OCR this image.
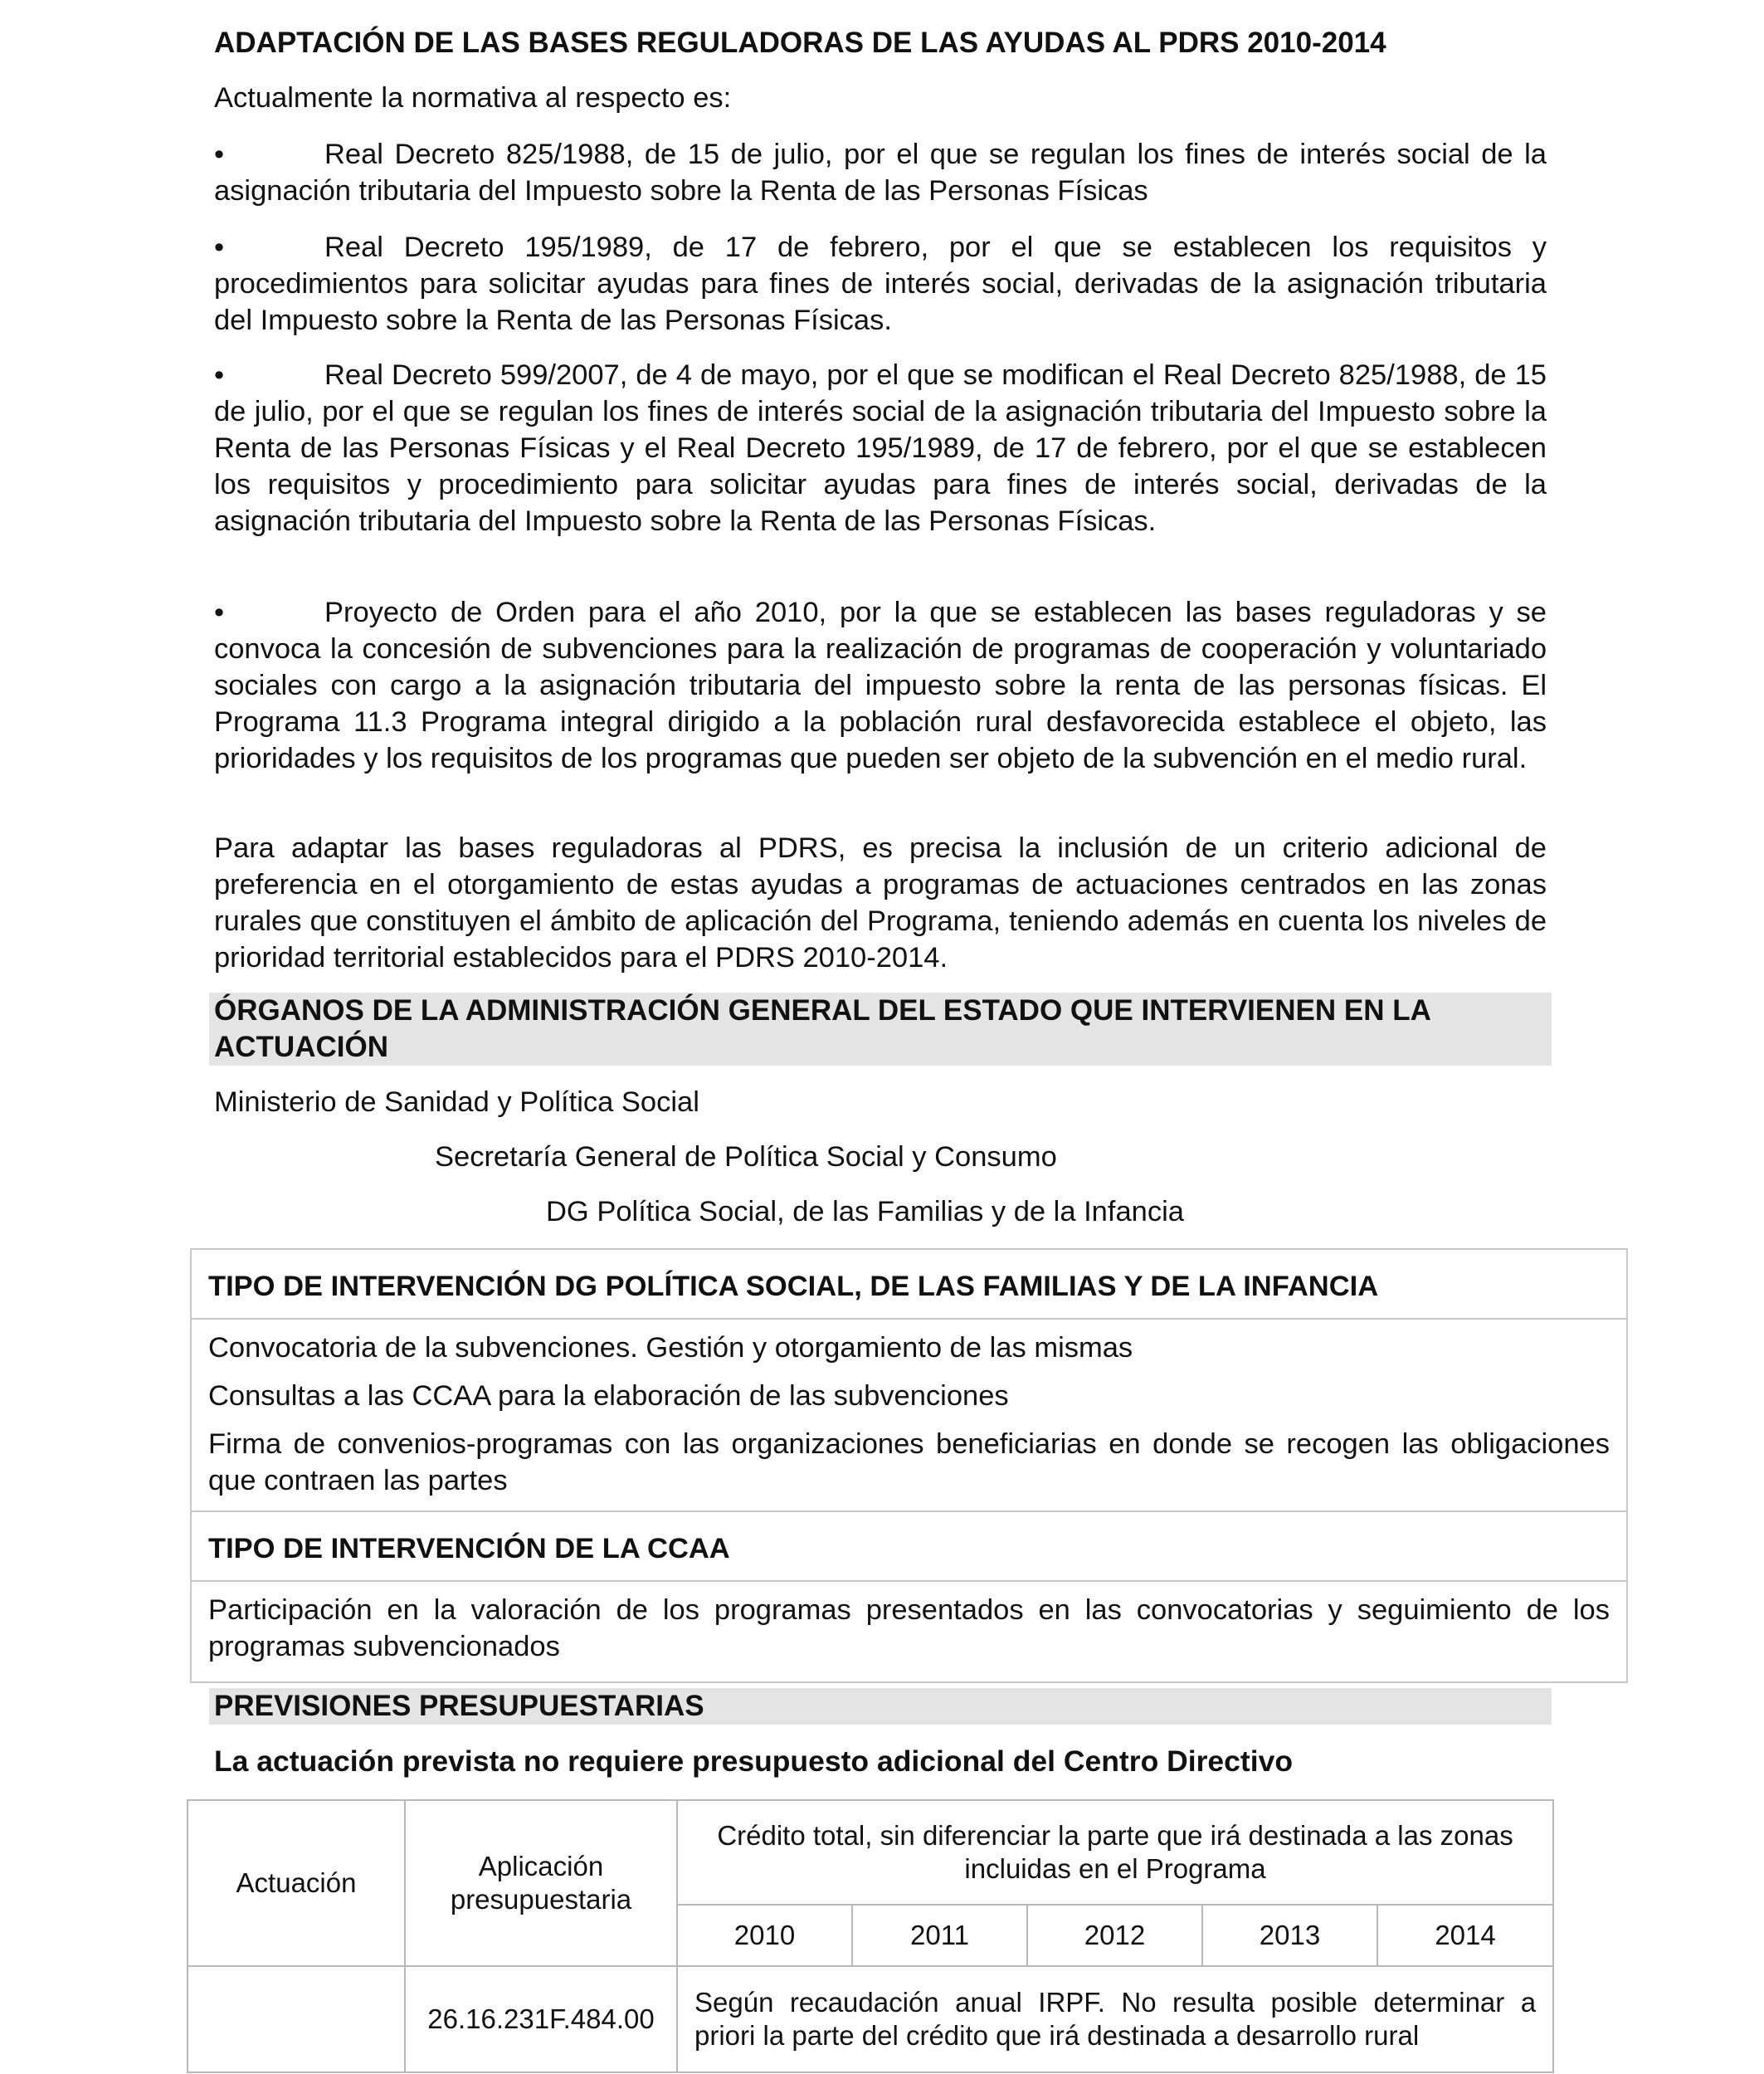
ADAPTACIÓN DE LAS BASES REGULADORAS DE LAS AYUDAS AL PDRS 2010-2014

Actualmente la normativa al respecto es:

•	Real Decreto 825/1988, de 15 de julio, por el que se regulan los fines de interés social de la asignación tributaria del Impuesto sobre la Renta de las Personas Físicas

•	Real Decreto 195/1989, de 17 de febrero, por el que se establecen los requisitos y procedimientos para solicitar ayudas para fines de interés social, derivadas de la asignación tributaria del Impuesto sobre la Renta de las Personas Físicas.

•	Real Decreto 599/2007, de 4 de mayo, por el que se modifican el Real Decreto 825/1988, de 15 de julio, por el que se regulan los fines de interés social de la asignación tributaria del Impuesto sobre la Renta de las Personas Físicas y el Real Decreto 195/1989, de 17 de febrero, por el que se establecen los requisitos y procedimiento para solicitar ayudas para fines de interés social, derivadas de la asignación tributaria del Impuesto sobre la Renta de las Personas Físicas.

•	Proyecto de Orden para el año 2010, por la que se establecen las bases reguladoras y se convoca la concesión de subvenciones para la realización de programas de cooperación y voluntariado sociales con cargo a la asignación tributaria del impuesto sobre la renta de las personas físicas. El Programa 11.3 Programa integral dirigido a la población rural desfavorecida establece el objeto, las prioridades y los requisitos de los programas que pueden ser objeto de la subvención en el medio rural.

Para adaptar las bases reguladoras al PDRS, es precisa la inclusión de un criterio adicional de preferencia en el otorgamiento de estas ayudas a programas de actuaciones centrados en las zonas rurales que constituyen el ámbito de aplicación del Programa, teniendo además en cuenta los niveles de prioridad territorial establecidos para el PDRS 2010-2014.

ÓRGANOS DE LA ADMINISTRACIÓN GENERAL DEL ESTADO QUE INTERVIENEN EN LA ACTUACIÓN

Ministerio de Sanidad y Política Social

Secretaría General de Política Social y Consumo

DG Política Social, de las Familias y de la Infancia

TIPO DE INTERVENCIÓN DG POLÍTICA SOCIAL, DE LAS FAMILIAS Y DE LA INFANCIA

Convocatoria de la subvenciones. Gestión y otorgamiento de las mismas

Consultas a las CCAA para la elaboración de las subvenciones

Firma de convenios-programas con las organizaciones beneficiarias en donde se recogen las obligaciones que contraen las partes

TIPO DE INTERVENCIÓN DE LA CCAA

Participación en la valoración de los programas presentados en las convocatorias y seguimiento de los programas subvencionados

PREVISIONES PRESUPUESTARIAS

La actuación prevista no requiere presupuesto adicional del Centro Directivo

Actuación	Aplicación presupuestaria	Crédito total, sin diferenciar la parte que irá destinada a las zonas incluidas en el Programa				
		2010	2011	2012	2013	2014
	26.16.231F.484.00	Según recaudación anual IRPF. No resulta posible determinar a priori la parte del crédito que irá destinada a desarrollo rural				
